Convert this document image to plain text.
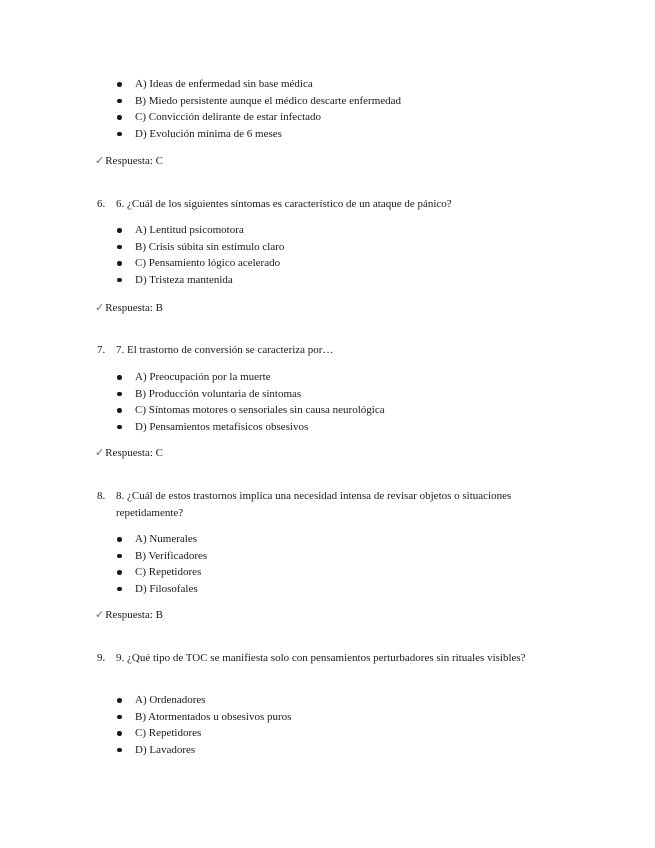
A) Ideas de enfermedad sin base médica
B) Miedo persistente aunque el médico descarte enfermedad
C) Convicción delirante de estar infectado
D) Evolución mínima de 6 meses
✓Respuesta: C
6. 6. ¿Cuál de los siguientes síntomas es característico de un ataque de pánico?
A) Lentitud psicomotora
B) Crisis súbita sin estímulo claro
C) Pensamiento lógico acelerado
D) Tristeza mantenida
✓Respuesta: B
7. 7. El trastorno de conversión se caracteriza por…
A) Preocupación por la muerte
B) Producción voluntaria de síntomas
C) Síntomas motores o sensoriales sin causa neurológica
D) Pensamientos metafísicos obsesivos
✓Respuesta: C
8. 8. ¿Cuál de estos trastornos implica una necesidad intensa de revisar objetos o situaciones repetidamente?
A) Numerales
B) Verificadores
C) Repetidores
D) Filosofales
✓Respuesta: B
9. 9. ¿Qué tipo de TOC se manifiesta solo con pensamientos perturbadores sin rituales visibles?
A) Ordenadores
B) Atormentados u obsesivos puros
C) Repetidores
D) Lavadores
